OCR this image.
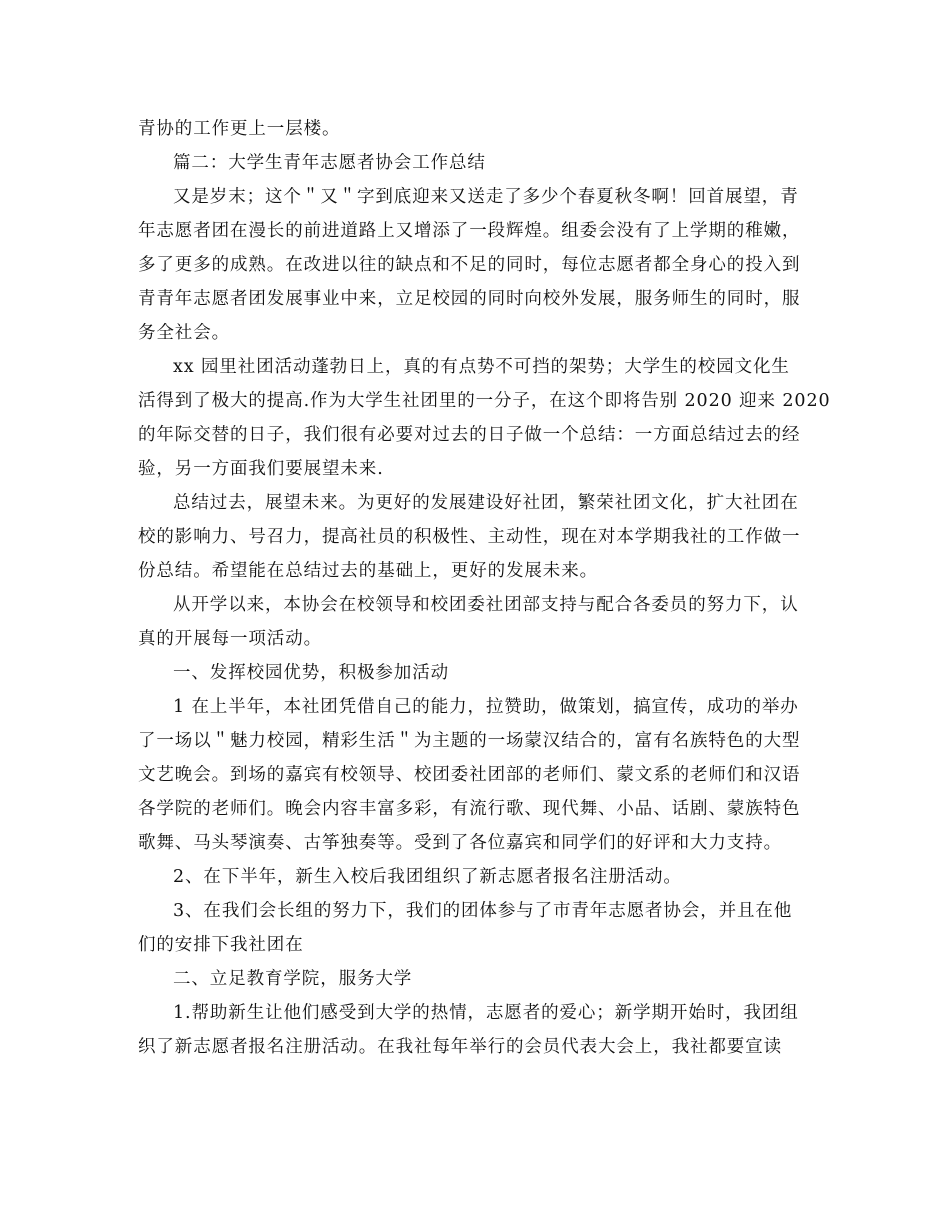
青协的工作更上一层楼。
篇二：大学生青年志愿者协会工作总结
又是岁末；这个＂又＂字到底迎来又送走了多少个春夏秋冬啊！回首展望，青
年志愿者团在漫长的前进道路上又增添了一段辉煌。组委会没有了上学期的稚嫩，
多了更多的成熟。在改进以往的缺点和不足的同时，每位志愿者都全身心的投入到
青青年志愿者团发展事业中来，立足校园的同时向校外发展，服务师生的同时，服
务全社会。
xx 园里社团活动蓬勃日上，真的有点势不可挡的架势；大学生的校园文化生
活得到了极大的提高.作为大学生社团里的一分子，在这个即将告别 2020 迎来 2020
的年际交替的日子，我们很有必要对过去的日子做一个总结：一方面总结过去的经
验，另一方面我们要展望未来.
总结过去，展望未来。为更好的发展建设好社团，繁荣社团文化，扩大社团在
校的影响力、号召力，提高社员的积极性、主动性，现在对本学期我社的工作做一
份总结。希望能在总结过去的基础上，更好的发展未来。
从开学以来，本协会在校领导和校团委社团部支持与配合各委员的努力下，认
真的开展每一项活动。
一、发挥校园优势，积极参加活动
1 在上半年，本社团凭借自己的能力，拉赞助，做策划，搞宣传，成功的举办
了一场以＂魅力校园，精彩生活＂为主题的一场蒙汉结合的，富有名族特色的大型
文艺晚会。到场的嘉宾有校领导、校团委社团部的老师们、蒙文系的老师们和汉语
各学院的老师们。晚会内容丰富多彩，有流行歌、现代舞、小品、话剧、蒙族特色
歌舞、马头琴演奏、古筝独奏等。受到了各位嘉宾和同学们的好评和大力支持。
2、在下半年，新生入校后我团组织了新志愿者报名注册活动。
3、在我们会长组的努力下，我们的团体参与了市青年志愿者协会，并且在他
们的安排下我社团在
二、立足教育学院，服务大学
1.帮助新生让他们感受到大学的热情，志愿者的爱心；新学期开始时，我团组
织了新志愿者报名注册活动。在我社每年举行的会员代表大会上，我社都要宣读
